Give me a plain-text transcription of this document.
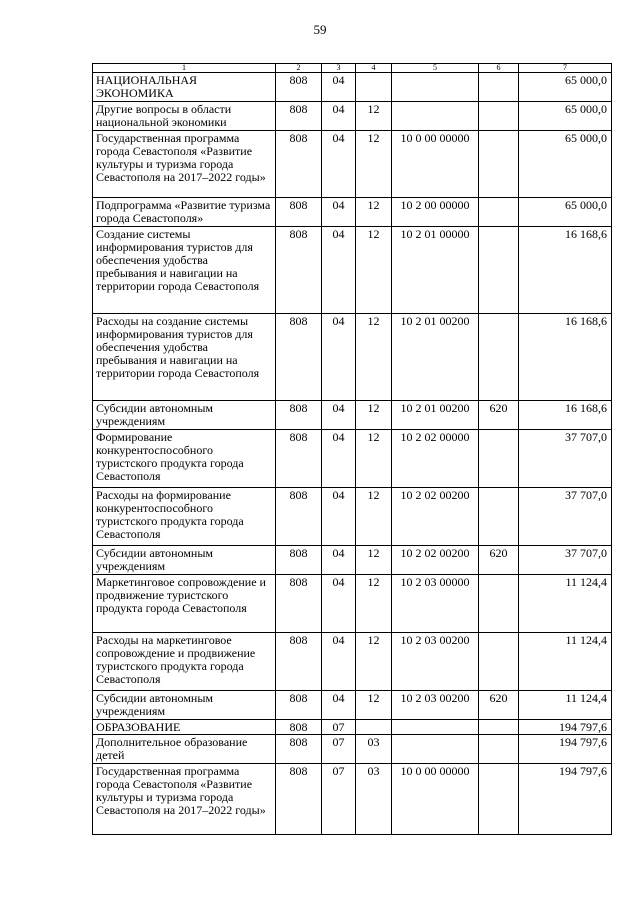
59
1	2	3	4	5	6	7
НАЦИОНАЛЬНАЯ ЭКОНОМИКА	808	04				65 000,0
Другие вопросы в области национальной экономики	808	04	12			65 000,0
Государственная программа города Севастополя «Развитие культуры и туризма города Севастополя на 2017–2022 годы»	808	04	12	10 0 00 00000		65 000,0
Подпрограмма «Развитие туризма города Севастополя»	808	04	12	10 2 00 00000		65 000,0
Создание системы информирования туристов для обеспечения удобства пребывания и навигации на территории города Севастополя	808	04	12	10 2 01 00000		16 168,6
Расходы на создание системы информирования туристов для обеспечения удобства пребывания и навигации на территории города Севастополя	808	04	12	10 2 01 00200		16 168,6
Субсидии автономным учреждениям	808	04	12	10 2 01 00200	620	16 168,6
Формирование конкурентоспособного туристского продукта города Севастополя	808	04	12	10 2 02 00000		37 707,0
Расходы на формирование конкурентоспособного туристского продукта города Севастополя	808	04	12	10 2 02 00200		37 707,0
Субсидии автономным учреждениям	808	04	12	10 2 02 00200	620	37 707,0
Маркетинговое сопровождение и продвижение туристского продукта города Севастополя	808	04	12	10 2 03 00000		11 124,4
Расходы на маркетинговое сопровождение и продвижение туристского продукта города Севастополя	808	04	12	10 2 03 00200		11 124,4
Субсидии автономным учреждениям	808	04	12	10 2 03 00200	620	11 124,4
ОБРАЗОВАНИЕ	808	07				194 797,6
Дополнительное образование детей	808	07	03			194 797,6
Государственная программа города Севастополя «Развитие культуры и туризма города Севастополя на 2017–2022 годы»	808	07	03	10 0 00 00000		194 797,6
